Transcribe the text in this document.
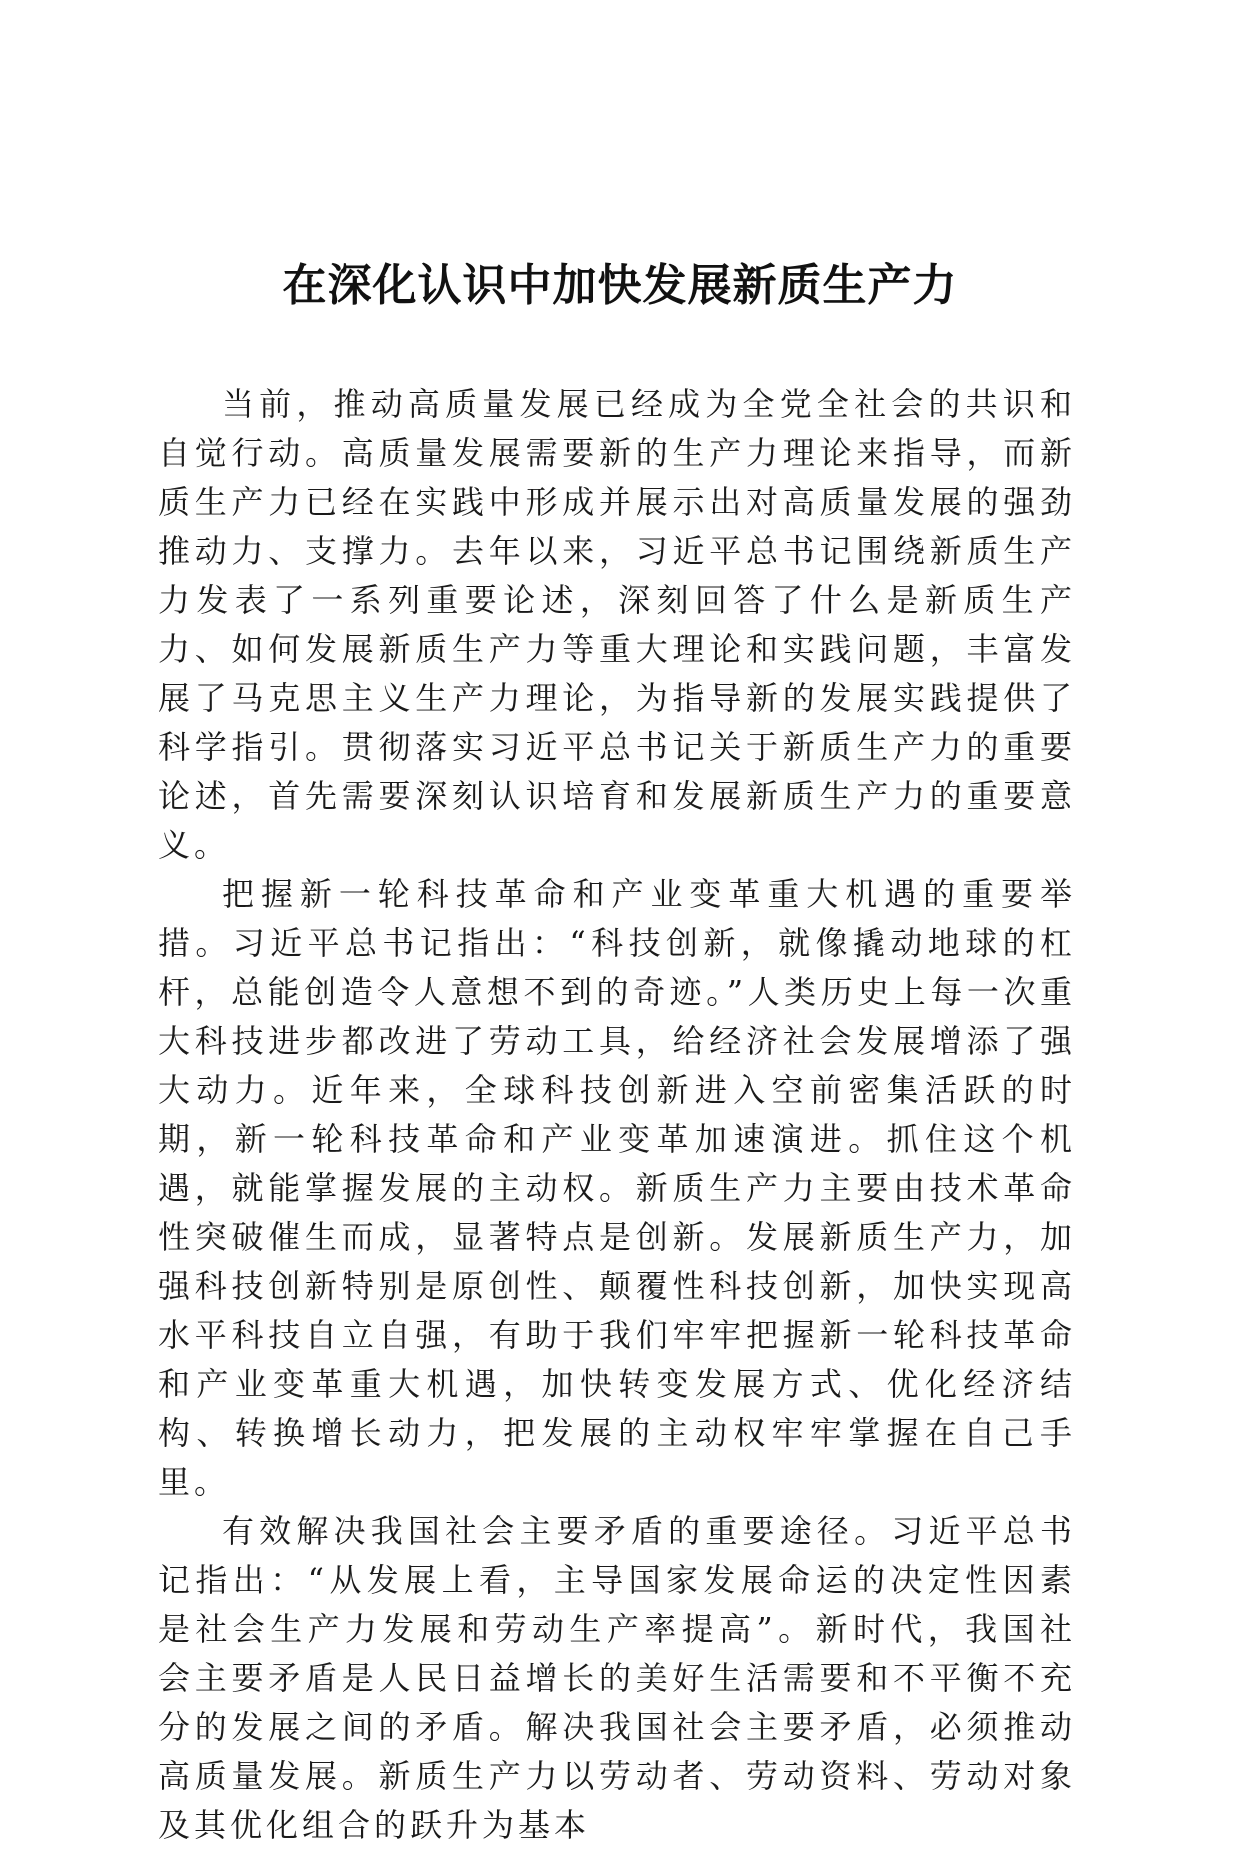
在深化认识中加快发展新质生产力

当前，推动高质量发展已经成为全党全社会的共识和自觉行动。高质量发展需要新的生产力理论来指导，而新质生产力已经在实践中形成并展示出对高质量发展的强劲推动力、支撑力。去年以来，习近平总书记围绕新质生产力发表了一系列重要论述，深刻回答了什么是新质生产力、如何发展新质生产力等重大理论和实践问题，丰富发展了马克思主义生产力理论，为指导新的发展实践提供了科学指引。贯彻落实习近平总书记关于新质生产力的重要论述，首先需要深刻认识培育和发展新质生产力的重要意义。

把握新一轮科技革命和产业变革重大机遇的重要举措。习近平总书记指出：“科技创新，就像撬动地球的杠杆，总能创造令人意想不到的奇迹。”人类历史上每一次重大科技进步都改进了劳动工具，给经济社会发展增添了强大动力。近年来，全球科技创新进入空前密集活跃的时期，新一轮科技革命和产业变革加速演进。抓住这个机遇，就能掌握发展的主动权。新质生产力主要由技术革命性突破催生而成，显著特点是创新。发展新质生产力，加强科技创新特别是原创性、颠覆性科技创新，加快实现高水平科技自立自强，有助于我们牢牢把握新一轮科技革命和产业变革重大机遇，加快转变发展方式、优化经济结构、转换增长动力，把发展的主动权牢牢掌握在自己手里。

有效解决我国社会主要矛盾的重要途径。习近平总书记指出：“从发展上看，主导国家发展命运的决定性因素是社会生产力发展和劳动生产率提高”。新时代，我国社会主要矛盾是人民日益增长的美好生活需要和不平衡不充分的发展之间的矛盾。解决我国社会主要矛盾，必须推动高质量发展。新质生产力以劳动者、劳动资料、劳动对象及其优化组合的跃升为基本
